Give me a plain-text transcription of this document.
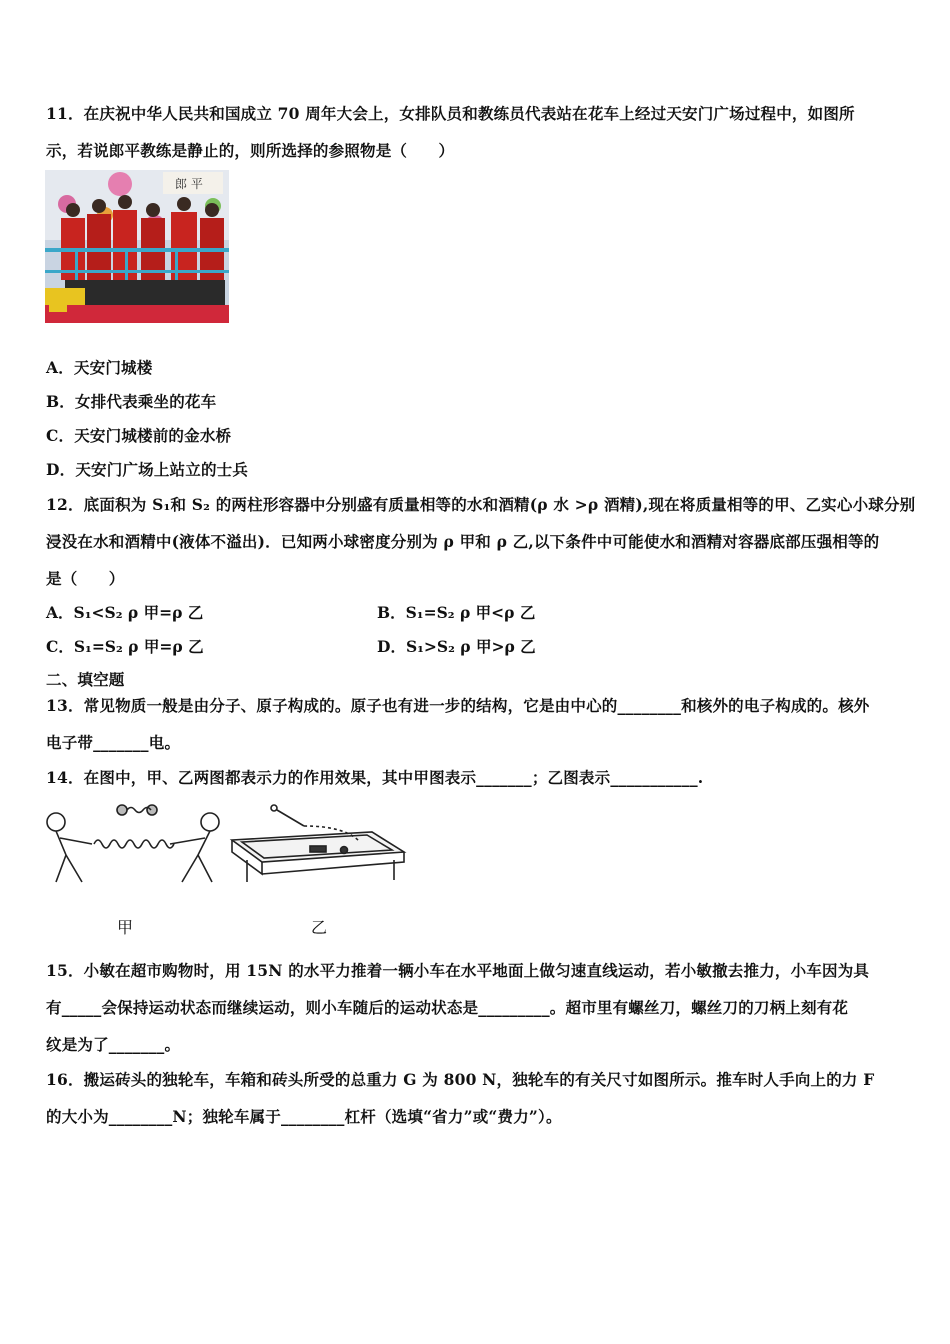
11．在庆祝中华人民共和国成立 70 周年大会上，女排队员和教练员代表站在花车上经过天安门广场过程中，如图所
示，若说郎平教练是静止的，则所选择的参照物是（　　）
郎 平
A．天安门城楼
B．女排代表乘坐的花车
C．天安门城楼前的金水桥
D．天安门广场上站立的士兵
12．底面积为 S₁和 S₂ 的两柱形容器中分别盛有质量相等的水和酒精(ρ 水 >ρ 酒精),现在将质量相等的甲、乙实心小球分别
浸没在水和酒精中(液体不溢出)．已知两小球密度分别为 ρ 甲和 ρ 乙,以下条件中可能使水和酒精对容器底部压强相等的
是（　　）
A．S₁<S₂ ρ 甲=ρ 乙	B．S₁=S₂ ρ 甲<ρ 乙
C．S₁=S₂ ρ 甲=ρ 乙	D．S₁>S₂ ρ 甲>ρ 乙
二、填空题
13．常见物质一般是由分子、原子构成的。原子也有进一步的结构，它是由中心的________和核外的电子构成的。核外
电子带_______电。
14．在图中，甲、乙两图都表示力的作用效果，其中甲图表示_______；乙图表示___________.
甲	乙
15．小敏在超市购物时，用 15N 的水平力推着一辆小车在水平地面上做匀速直线运动，若小敏撤去推力，小车因为具
有_____会保持运动状态而继续运动，则小车随后的运动状态是_________。超市里有螺丝刀，螺丝刀的刀柄上刻有花
纹是为了_______。
16．搬运砖头的独轮车，车箱和砖头所受的总重力 G 为 800 N，独轮车的有关尺寸如图所示。推车时人手向上的力 F
的大小为________N；独轮车属于________杠杆（选填“省力”或“费力”）。
